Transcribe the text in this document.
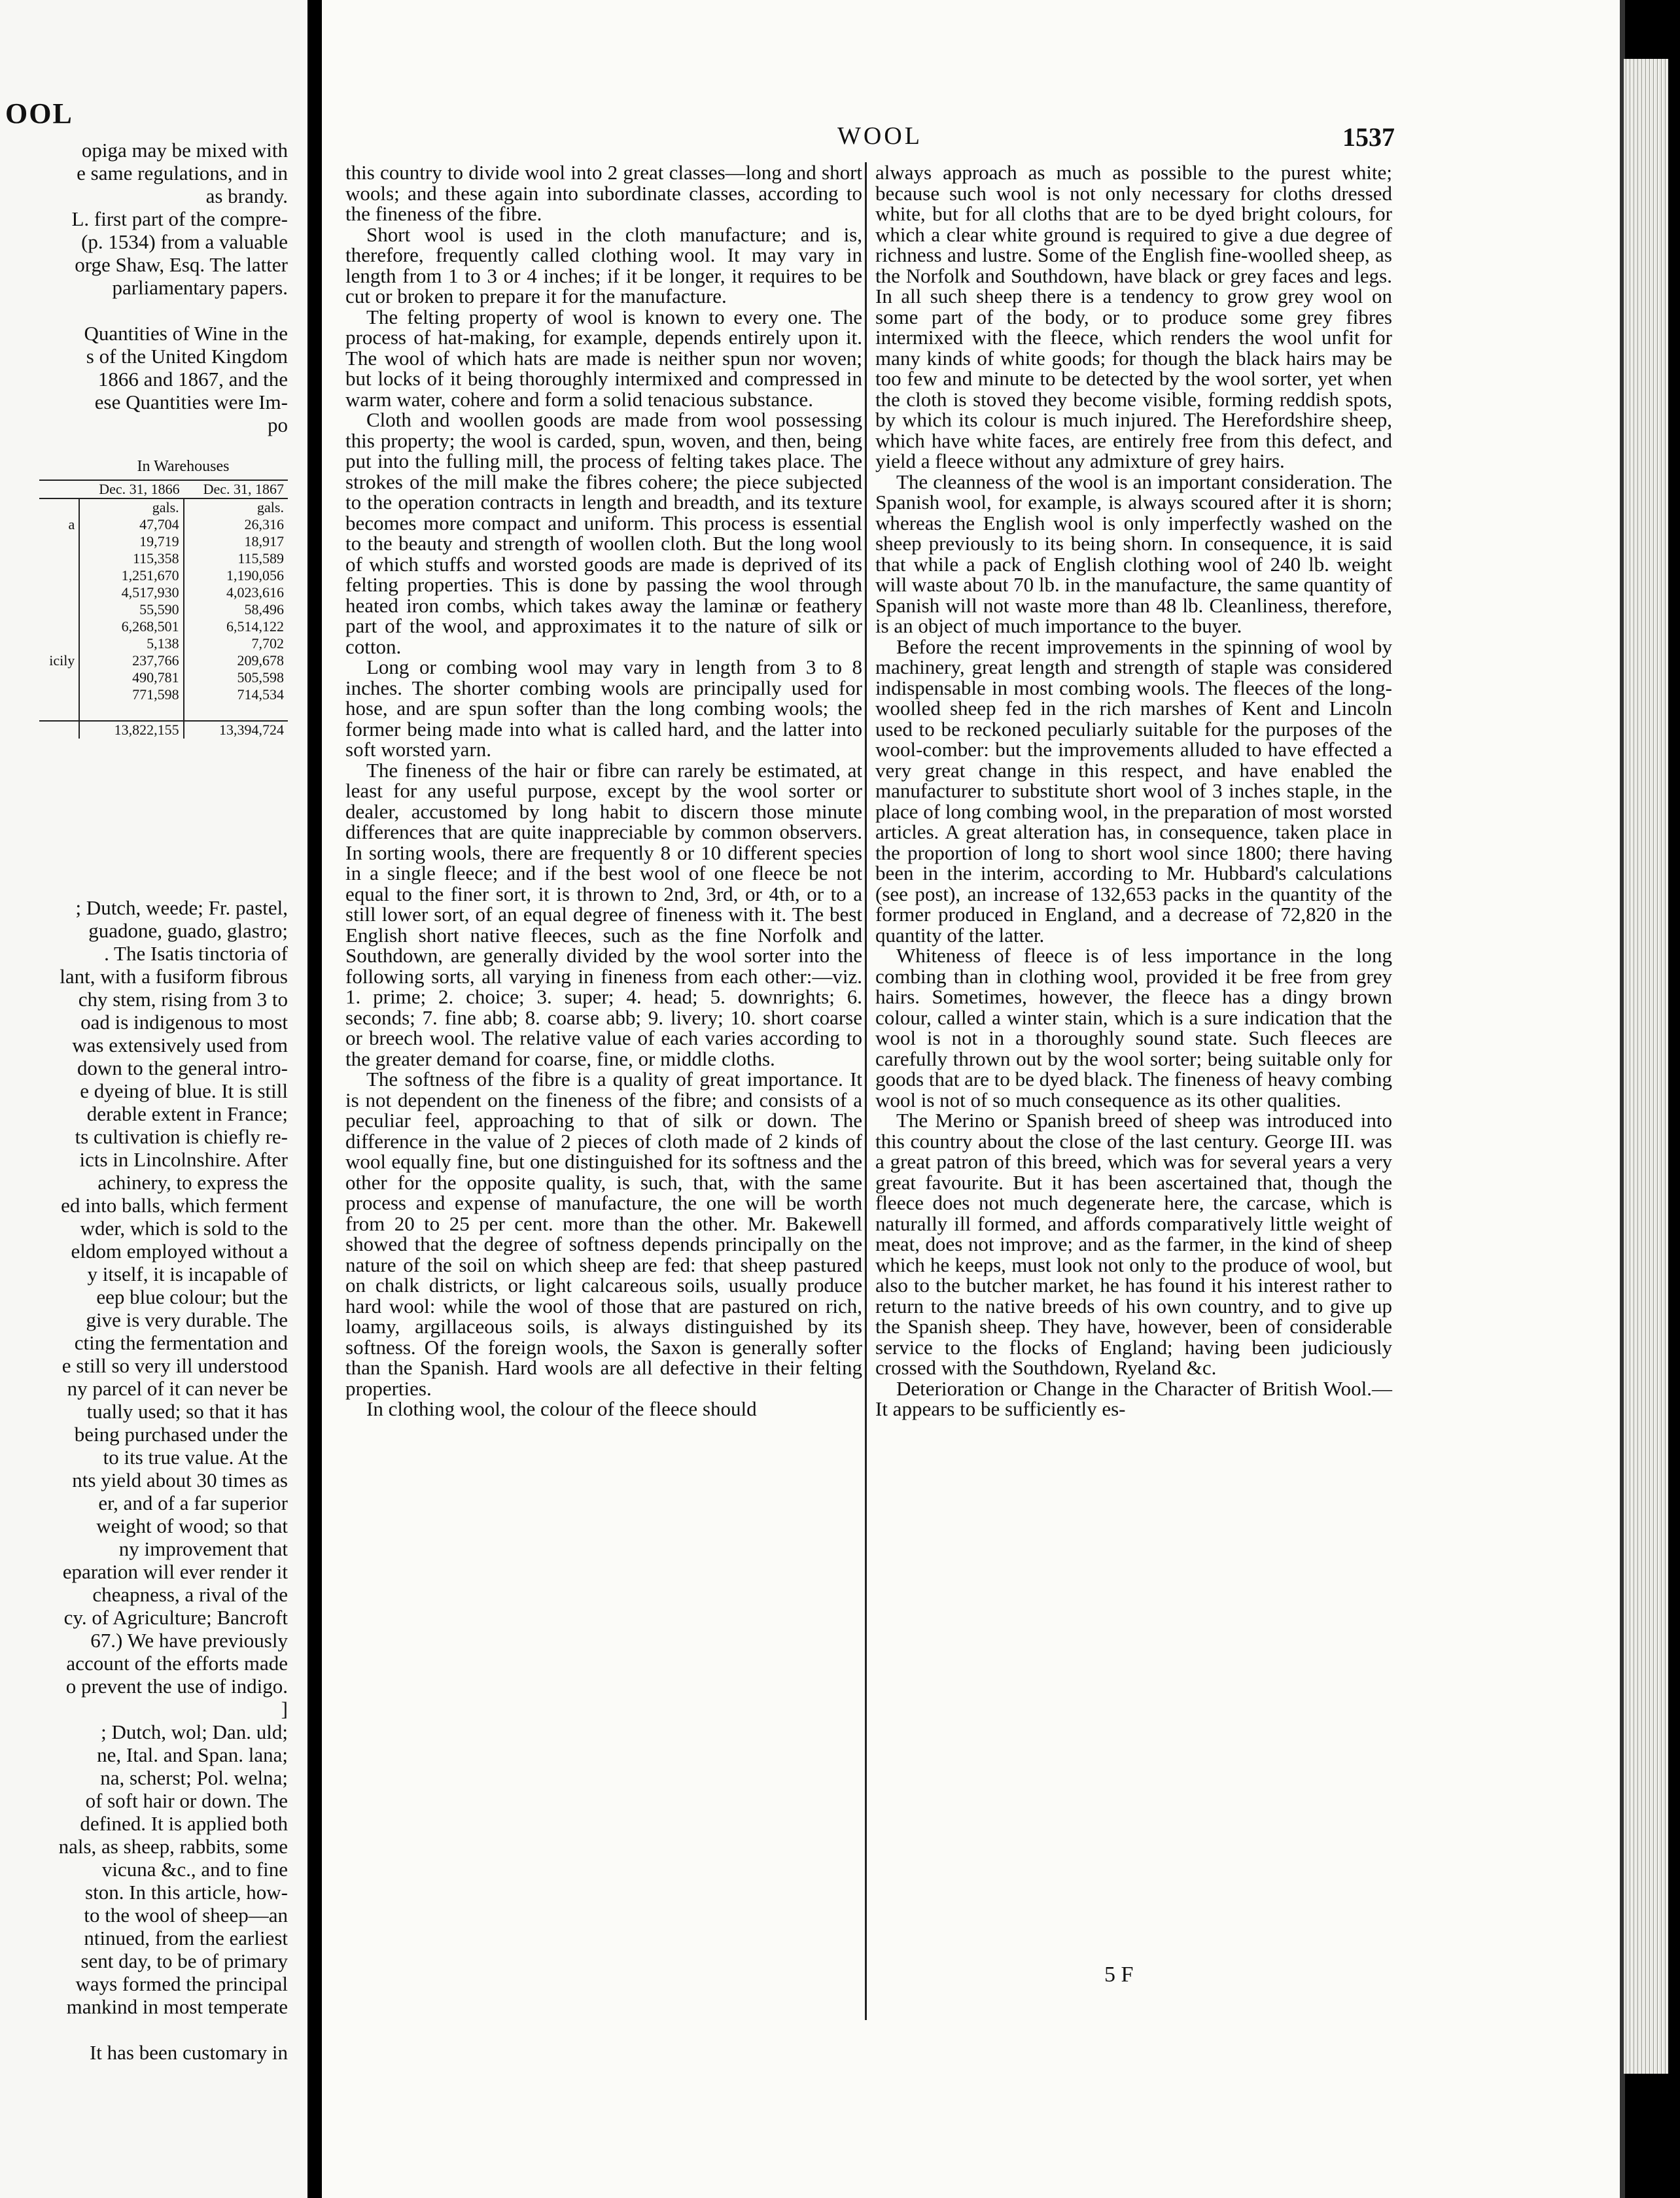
OOL

opiga may be mixed with

e same regulations, and in

as brandy.

L. first part of the compre-

(p. 1534) from a valuable

orge Shaw, Esq. The latter

parliamentary papers.

Quantities of Wine in the

s of the United Kingdom

1866 and 1867, and the

ese Quantities were Im-

po

In Warehouses
	Dec. 31, 1866	Dec. 31, 1867
	gals.	gals.
a	47,704	26,316
	19,719	18,917
	115,358	115,589
	1,251,670	1,190,056
	4,517,930	4,023,616
	55,590	58,496
	6,268,501	6,514,122
	5,138	7,702
icily	237,766	209,678
	490,781	505,598
	771,598	714,534

	13,822,155	13,394,724

; Dutch, weede; Fr. pastel,

guadone, guado, glastro;

. The Isatis tinctoria of

lant, with a fusiform fibrous

chy stem, rising from 3 to

oad is indigenous to most

was extensively used from

down to the general intro-

e dyeing of blue. It is still

derable extent in France;

ts cultivation is chiefly re-

icts in Lincolnshire. After

achinery, to express the

ed into balls, which ferment

wder, which is sold to the

eldom employed without a

y itself, it is incapable of

eep blue colour; but the

give is very durable. The

cting the fermentation and

e still so very ill understood

ny parcel of it can never be

tually used; so that it has

being purchased under the

to its true value. At the

nts yield about 30 times as

er, and of a far superior

weight of wood; so that

ny improvement that

eparation will ever render it

cheapness, a rival of the

cy. of Agriculture; Bancroft

67.) We have previously

account of the efforts made

o prevent the use of indigo.

]

; Dutch, wol; Dan. uld;

ne, Ital. and Span. lana;

na, scherst; Pol. welna;

of soft hair or down. The

defined. It is applied both

nals, as sheep, rabbits, some

vicuna &c., and to fine

ston. In this article, how-

to the wool of sheep—an

ntinued, from the earliest

sent day, to be of primary

ways formed the principal

mankind in most temperate

It has been customary in

WOOL	1537

this country to divide wool into 2 great classes—long and short wools; and these again into subordinate classes, according to the fineness of the fibre.

Short wool is used in the cloth manufacture; and is, therefore, frequently called clothing wool. It may vary in length from 1 to 3 or 4 inches; if it be longer, it requires to be cut or broken to prepare it for the manufacture.

The felting property of wool is known to every one. The process of hat-making, for example, depends entirely upon it. The wool of which hats are made is neither spun nor woven; but locks of it being thoroughly intermixed and compressed in warm water, cohere and form a solid tenacious substance.

Cloth and woollen goods are made from wool possessing this property; the wool is carded, spun, woven, and then, being put into the fulling mill, the process of felting takes place. The strokes of the mill make the fibres cohere; the piece subjected to the operation contracts in length and breadth, and its texture becomes more compact and uniform. This process is essential to the beauty and strength of woollen cloth. But the long wool of which stuffs and worsted goods are made is deprived of its felting properties. This is done by passing the wool through heated iron combs, which takes away the laminæ or feathery part of the wool, and approximates it to the nature of silk or cotton.

Long or combing wool may vary in length from 3 to 8 inches. The shorter combing wools are principally used for hose, and are spun softer than the long combing wools; the former being made into what is called hard, and the latter into soft worsted yarn.

The fineness of the hair or fibre can rarely be estimated, at least for any useful purpose, except by the wool sorter or dealer, accustomed by long habit to discern those minute differences that are quite inappreciable by common observers. In sorting wools, there are frequently 8 or 10 different species in a single fleece; and if the best wool of one fleece be not equal to the finer sort, it is thrown to 2nd, 3rd, or 4th, or to a still lower sort, of an equal degree of fineness with it. The best English short native fleeces, such as the fine Norfolk and Southdown, are generally divided by the wool sorter into the following sorts, all varying in fineness from each other:—viz. 1. prime; 2. choice; 3. super; 4. head; 5. downrights; 6. seconds; 7. fine abb; 8. coarse abb; 9. livery; 10. short coarse or breech wool. The relative value of each varies according to the greater demand for coarse, fine, or middle cloths.

The softness of the fibre is a quality of great importance. It is not dependent on the fineness of the fibre; and consists of a peculiar feel, approaching to that of silk or down. The difference in the value of 2 pieces of cloth made of 2 kinds of wool equally fine, but one distinguished for its softness and the other for the opposite quality, is such, that, with the same process and expense of manufacture, the one will be worth from 20 to 25 per cent. more than the other. Mr. Bakewell showed that the degree of softness depends principally on the nature of the soil on which sheep are fed: that sheep pastured on chalk districts, or light calcareous soils, usually produce hard wool: while the wool of those that are pastured on rich, loamy, argillaceous soils, is always distinguished by its softness. Of the foreign wools, the Saxon is generally softer than the Spanish. Hard wools are all defective in their felting properties.

In clothing wool, the colour of the fleece should

always approach as much as possible to the purest white; because such wool is not only necessary for cloths dressed white, but for all cloths that are to be dyed bright colours, for which a clear white ground is required to give a due degree of richness and lustre. Some of the English fine-woolled sheep, as the Norfolk and Southdown, have black or grey faces and legs. In all such sheep there is a tendency to grow grey wool on some part of the body, or to produce some grey fibres intermixed with the fleece, which renders the wool unfit for many kinds of white goods; for though the black hairs may be too few and minute to be detected by the wool sorter, yet when the cloth is stoved they become visible, forming reddish spots, by which its colour is much injured. The Herefordshire sheep, which have white faces, are entirely free from this defect, and yield a fleece without any admixture of grey hairs.

The cleanness of the wool is an important consideration. The Spanish wool, for example, is always scoured after it is shorn; whereas the English wool is only imperfectly washed on the sheep previously to its being shorn. In consequence, it is said that while a pack of English clothing wool of 240 lb. weight will waste about 70 lb. in the manufacture, the same quantity of Spanish will not waste more than 48 lb. Cleanliness, therefore, is an object of much importance to the buyer.

Before the recent improvements in the spinning of wool by machinery, great length and strength of staple was considered indispensable in most combing wools. The fleeces of the long-woolled sheep fed in the rich marshes of Kent and Lincoln used to be reckoned peculiarly suitable for the purposes of the wool-comber: but the improvements alluded to have effected a very great change in this respect, and have enabled the manufacturer to substitute short wool of 3 inches staple, in the place of long combing wool, in the preparation of most worsted articles. A great alteration has, in consequence, taken place in the proportion of long to short wool since 1800; there having been in the interim, according to Mr. Hubbard's calculations (see post), an increase of 132,653 packs in the quantity of the former produced in England, and a decrease of 72,820 in the quantity of the latter.

Whiteness of fleece is of less importance in the long combing than in clothing wool, provided it be free from grey hairs. Sometimes, however, the fleece has a dingy brown colour, called a winter stain, which is a sure indication that the wool is not in a thoroughly sound state. Such fleeces are carefully thrown out by the wool sorter; being suitable only for goods that are to be dyed black. The fineness of heavy combing wool is not of so much consequence as its other qualities.

The Merino or Spanish breed of sheep was introduced into this country about the close of the last century. George III. was a great patron of this breed, which was for several years a very great favourite. But it has been ascertained that, though the fleece does not much degenerate here, the carcase, which is naturally ill formed, and affords comparatively little weight of meat, does not improve; and as the farmer, in the kind of sheep which he keeps, must look not only to the produce of wool, but also to the butcher market, he has found it his interest rather to return to the native breeds of his own country, and to give up the Spanish sheep. They have, however, been of considerable service to the flocks of England; having been judiciously crossed with the Southdown, Ryeland &c.

Deterioration or Change in the Character of British Wool.—It appears to be sufficiently es-

5 F
